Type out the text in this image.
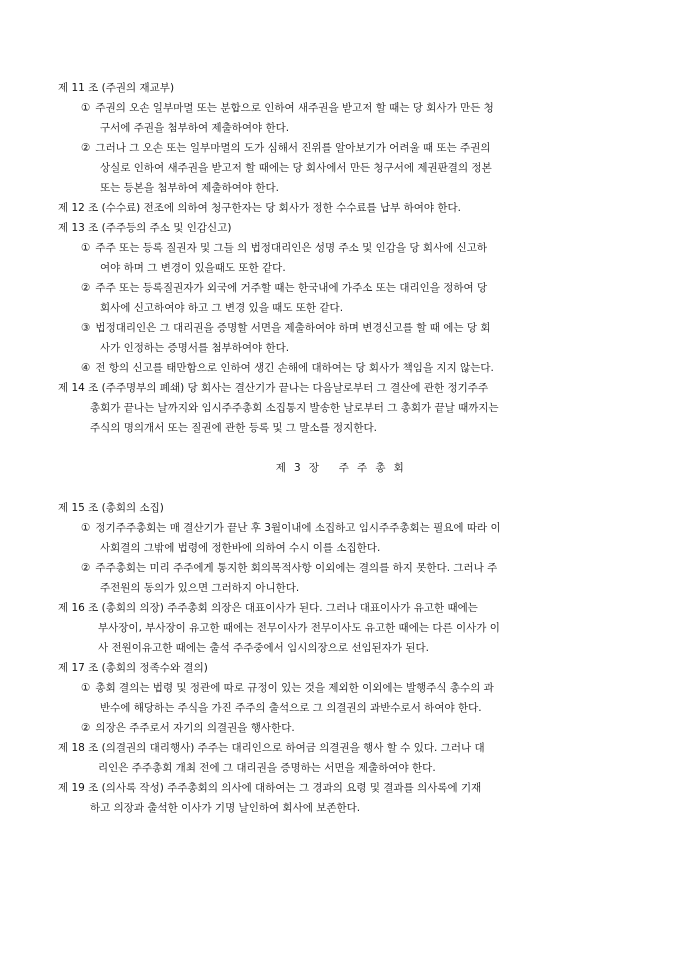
제 11 조 (주권의 재교부)
① 주권의 오손 일부마멸 또는 분합으로 인하여 새주권을 받고저 할 때는 당 회사가 만든 청
구서에 주권을 첨부하여 제출하여야 한다.
② 그러나 그 오손 또는 일부마멸의 도가 심해서 진위를 알아보기가 어려울 때 또는 주권의
상실로 인하여 새주권을 받고저 할 때에는 당 회사에서 만든 청구서에 제권판결의 정본
또는 등본을 첨부하여 제출하여야 한다.
제 12 조 (수수료) 전조에 의하여 청구한자는 당 회사가 정한 수수료를 납부 하여야 한다.
제 13 조 (주주등의 주소 및 인감신고)
① 주주 또는 등록 질권자 및 그들 의 법정대리인은 성명 주소 및 인감을 당 회사에 신고하
여야 하며 그 변경이 있을때도 또한 같다.
② 주주 또는 등록질권자가 외국에 거주할 때는 한국내에 가주소 또는 대리인을 정하여 당
회사에 신고하여야 하고 그 변경 있을 때도 또한 같다.
③ 법정대리인은 그 대리권을 증명할 서면을 제출하여야 하며 변경신고를 할 때 에는 당 회
사가 인정하는 증명서를 첨부하여야 한다.
④ 전 항의 신고를 태만함으로 인하여 생긴 손해에 대하여는 당 회사가 책임을 지지 않는다.
제 14 조 (주주명부의 폐쇄) 당 회사는 결산기가 끝나는 다음날로부터 그 결산에 관한 정기주주
총회가 끝나는 날까지와 임시주주총회 소집통지 발송한 날로부터 그 총회가 끝날 때까지는
주식의 명의개서 또는 질권에 관한 등록 및 그 말소를 정지한다.
제  3  장     주  주  총  회
제 15 조 (총회의 소집)
① 정기주주총회는 매 결산기가 끝난 후 3월이내에 소집하고 임시주주총회는 필요에 따라 이
사회결의 그밖에 법령에 정한바에 의하여 수시 이를 소집한다.
② 주주총회는 미리 주주에게 통지한 회의목적사항 이외에는 결의를 하지 못한다. 그러나 주
주전원의 동의가 있으면 그러하지 아니한다.
제 16 조 (총회의 의장) 주주총회 의장은 대표이사가 된다. 그러나 대표이사가 유고한 때에는
부사장이, 부사장이 유고한 때에는 전무이사가 전무이사도 유고한 때에는 다른 이사가 이
사 전원이유고한 때에는 출석 주주중에서 임시의장으로 선임된자가 된다.
제 17 조 (총회의 정족수와 결의)
① 총회 결의는 법령 및 정관에 따로 규정이 있는 것을 제외한 이외에는 발행주식 총수의 과
반수에 해당하는 주식을 가진 주주의 출석으로 그 의결권의 과반수로서 하여야 한다.
② 의장은 주주로서 자기의 의결권을 행사한다.
제 18 조 (의결권의 대리행사) 주주는 대리인으로 하여금 의결권을 행사 할 수 있다. 그러나 대
리인은 주주총회 개최 전에 그 대리권을 증명하는 서면을 제출하여야 한다.
제 19 조 (의사록 작성) 주주총회의 의사에 대하여는 그 경과의 요령 및 결과를 의사록에 기재
하고 의장과 출석한 이사가 기명 날인하여 회사에 보존한다.
